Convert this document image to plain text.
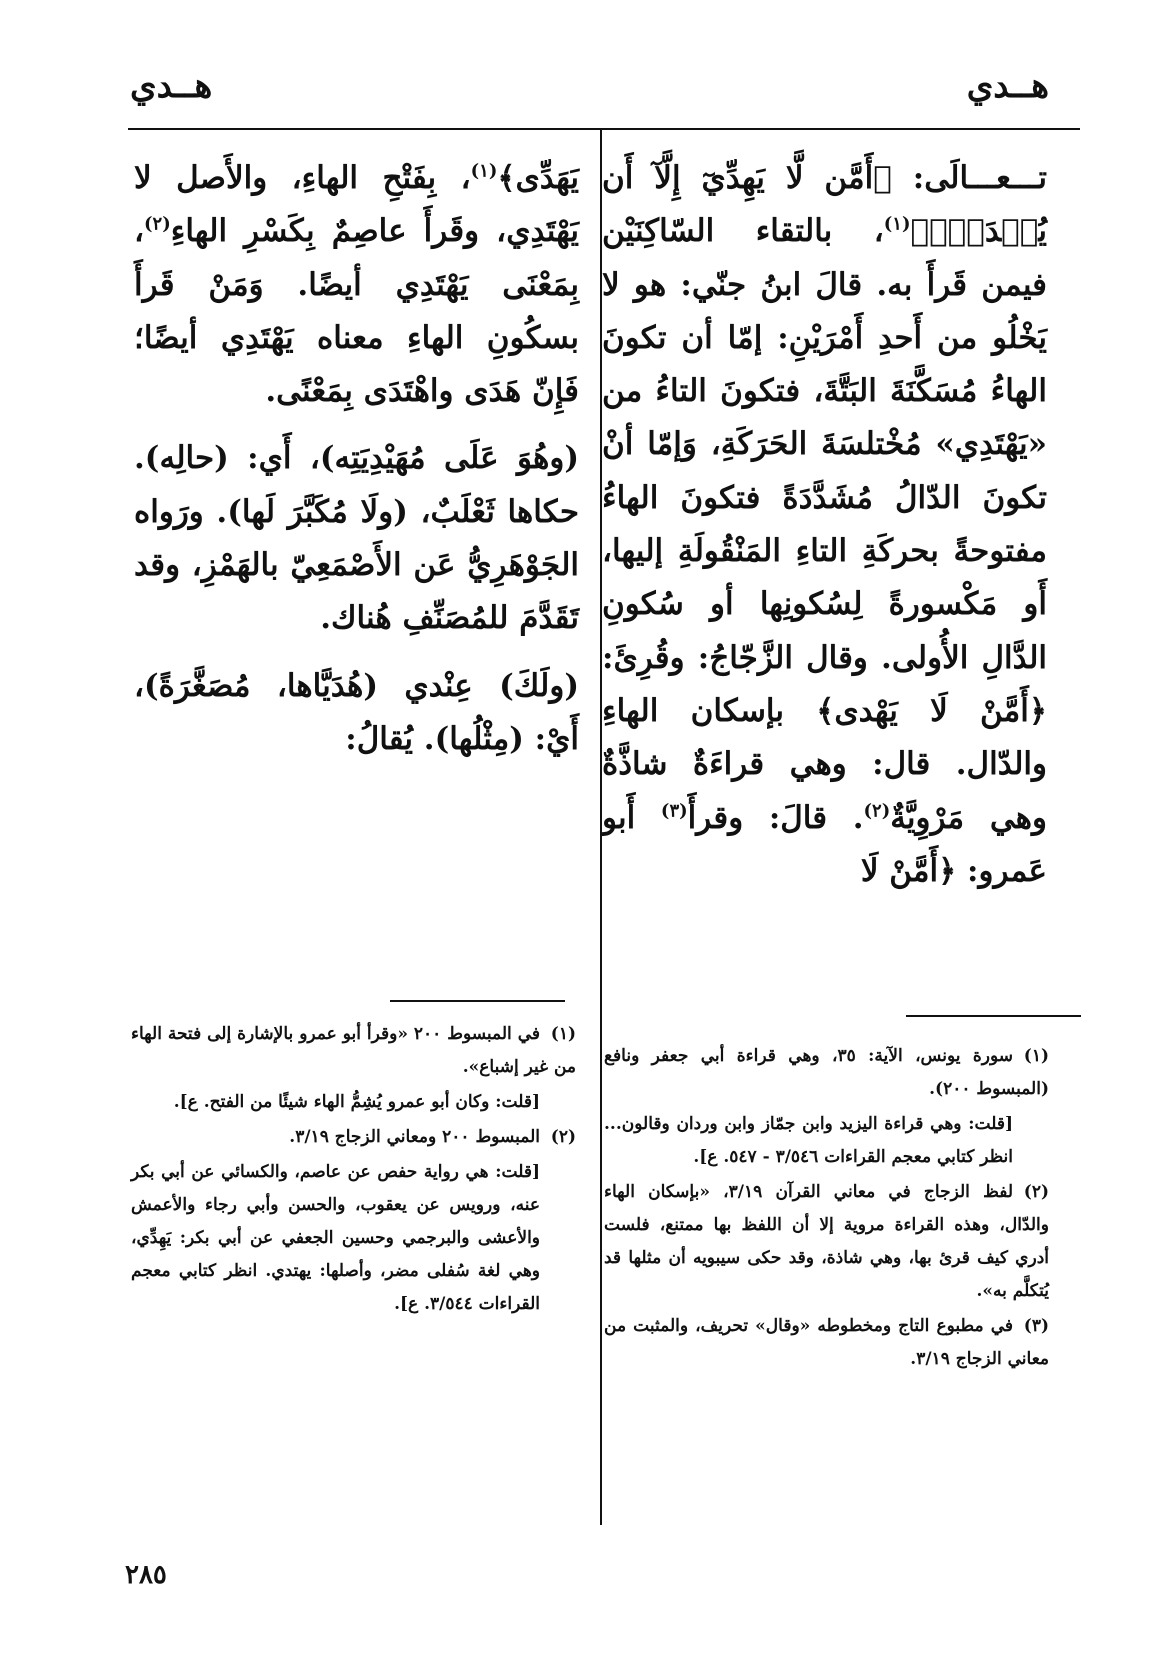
هــدي
هــدي

تـــعـــالَى: ﴿أَمَّن لَّا يَهِدِّيٓ إِلَّآ أَن يُهۡدَىٰۖ﴾$^{(١)}$، بالتقاء السّاكِنَيْن فيمن قَرأَ به. قالَ ابنُ جنّي: هو لا يَخْلُو من أَحدِ أَمْرَيْنِ: إمّا أن تكونَ الهاءُ مُسَكَّنَةَ البَتَّةَ، فتكونَ التاءُ من «يَهْتَدِي» مُخْتلسَةَ الحَرَكَةِ، وَإمّا أنْ تكونَ الدّالُ مُشَدَّدَةً فتكونَ الهاءُ مفتوحةً بحركَةِ التاءِ المَنْقُولَةِ إليها، أَو مَكْسورةً لِسُكونِها أو سُكونِ الدَّالِ الأُولى. وقال الزَّجّاجُ: وقُرِئَ: ﴿أَمَّنْ لَا يَهْدى﴾ بإسكان الهاءِ والدّال. قال: وهي قراءَةٌ شاذَّةٌ وهي مَرْوِيَّةٌ$^{(٢)}$. قالَ: وقرأَ$^{(٣)}$ أَبو عَمرو: ﴿أَمَّنْ لَا

يَهَدِّى﴾$^{(١)}$، بِفَتْحِ الهاءِ، والأَصل لا يَهْتَدِي، وقَرأَ عاصِمٌ بِكَسْرِ الهاءِ$^{(٢)}$، بِمَعْنَى يَهْتَدِي أيضًا. وَمَنْ قَرأَ بسكُونِ الهاءِ معناه يَهْتَدِي أيضًا؛ فَإِنّ هَدَى واهْتَدَى بِمَعْنًى.

(وهُوَ عَلَى مُهَيْدِيَتِه)، أَي: (حالِه). حكاها ثَعْلَبٌ، (ولَا مُكَبَّرَ لَها). ورَواه الجَوْهَرِيُّ عَن الأَصْمَعِيّ بالهَمْزِ، وقد تَقَدَّمَ للمُصَنِّفِ هُناك.

(ولَكَ) عِنْدي (هُدَيَّاها، مُصَغَّرَةً)، أَيْ: (مِثْلُها). يُقالُ:

(١)سورة يونس، الآية: ٣٥، وهي قراءة أبي جعفر ونافع (المبسوط ٢٠٠).

[قلت: وهي قراءة اليزيد وابن جمّاز وابن وردان وقالون... انظر كتابي معجم القراءات ٣/٥٤٦ - ٥٤٧. ع].

(٢)لفظ الزجاج في معاني القرآن ٣/١٩، «بإسكان الهاء والدّال، وهذه القراءة مروية إلا أن اللفظ بها ممتنع، فلست أدري كيف قرئ بها، وهي شاذة، وقد حكى سيبويه أن مثلها قد يُتكلَّم به».

(٣)في مطبوع التاج ومخطوطه «وقال» تحريف، والمثبت من معاني الزجاج ٣/١٩.

(١)في المبسوط ٢٠٠ «وقرأ أبو عمرو بالإشارة إلى فتحة الهاء من غير إشباع».

[قلت: وكان أبو عمرو يُشِمُّ الهاء شيئًا من الفتح. ع].

(٢)المبسوط ٢٠٠ ومعاني الزجاج ٣/١٩.

[قلت: هي رواية حفص عن عاصم، والكسائي عن أبي بكر عنه، ورويس عن يعقوب، والحسن وأبي رجاء والأعمش والأعشى والبرجمي وحسين الجعفي عن أبي بكر: يَهِدِّي، وهي لغة سُفلى مضر، وأصلها: يهتدي. انظر كتابي معجم القراءات ٣/٥٤٤. ع].

٢٨٥
